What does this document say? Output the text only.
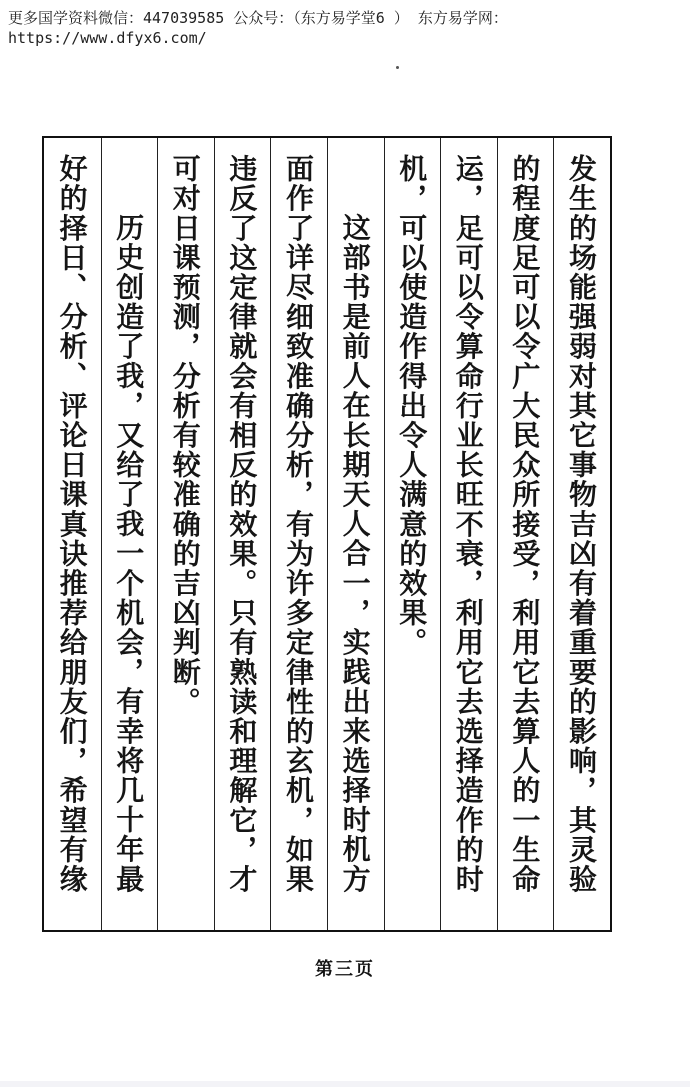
更多国学资料微信：447039585 公众号：（东方易学堂6 ） 东方易学网：
https://www.dfyx6.com/
发生的场能强弱对其它事物吉凶有着重要的影响，其灵验
的程度足可以令广大民众所接受，利用它去算人的一生命
运，足可以令算命行业长旺不衰，利用它去选择造作的时
机，可以使造作得出令人满意的效果。
这部书是前人在长期天人合一，实践出来选择时机方
面作了详尽细致准确分析，有为许多定律性的玄机，如果
违反了这定律就会有相反的效果。只有熟读和理解它，才
可对日课预测，分析有较准确的吉凶判断。
历史创造了我，又给了我一个机会，有幸将几十年最
好的择日、分析、评论日课真诀推荐给朋友们，希望有缘
第三页
